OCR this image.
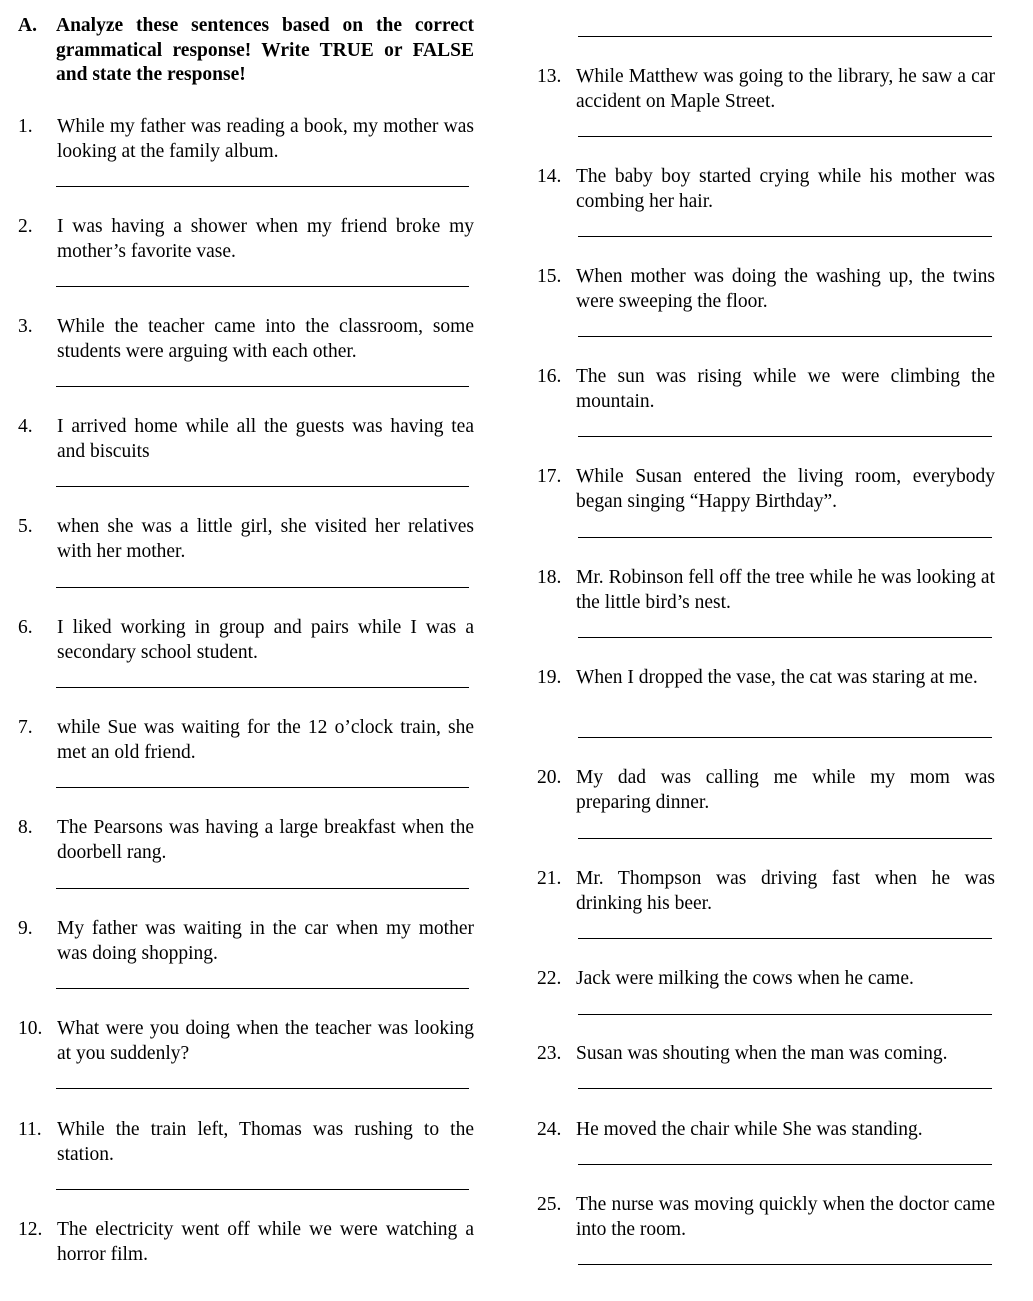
A. Analyze these sentences based on the correct grammatical response! Write TRUE or FALSE and state the response!
1. While my father was reading a book, my mother was looking at the family album.
2. I was having a shower when my friend broke my mother’s favorite vase.
3. While the teacher came into the classroom, some students were arguing with each other.
4. I arrived home while all the guests was having tea and biscuits
5. when she was a little girl, she visited her relatives with her mother.
6. I liked working in group and pairs while I was a secondary school student.
7. while Sue was waiting for the 12 o’clock train, she met an old friend.
8. The Pearsons was having a large breakfast when the doorbell rang.
9. My father was waiting in the car when my mother was doing shopping.
10. What were you doing when the teacher was looking at you suddenly?
11. While the train left, Thomas was rushing to the station.
12. The electricity went off while we were watching a horror film.
13. While Matthew was going to the library, he saw a car accident on Maple Street.
14. The baby boy started crying while his mother was combing her hair.
15. When mother was doing the washing up, the twins were sweeping the floor.
16. The sun was rising while we were climbing the mountain.
17. While Susan entered the living room, everybody began singing “Happy Birthday”.
18. Mr. Robinson fell off the tree while he was looking at the little bird’s nest.
19. When I dropped the vase, the cat was staring at me.
20. My dad was calling me while my mom was preparing dinner.
21. Mr. Thompson was driving fast when he was drinking his beer.
22. Jack were milking the cows when he came.
23. Susan was shouting when the man was coming.
24. He moved the chair while She was standing.
25. The nurse was moving quickly when the doctor came into the room.
